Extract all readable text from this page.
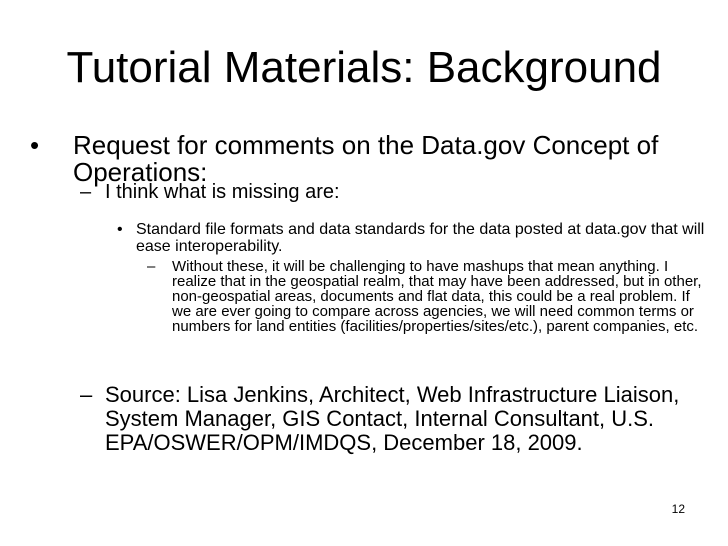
Tutorial Materials: Background
•	Request for comments on the Data.gov Concept of Operations:
– I think what is missing are:
• Standard file formats and data standards for the data posted at data.gov that will ease interoperability.
–	Without these, it will be challenging to have mashups that mean anything. I realize that in the geospatial realm, that may have been addressed, but in other, non-geospatial areas, documents and flat data, this could be a real problem. If we are ever going to compare across agencies, we will need common terms or numbers for land entities (facilities/properties/sites/etc.), parent companies, etc.
– Source: Lisa Jenkins, Architect, Web Infrastructure Liaison, System Manager, GIS Contact, Internal Consultant, U.S. EPA/OSWER/OPM/IMDQS, December 18, 2009.
12
